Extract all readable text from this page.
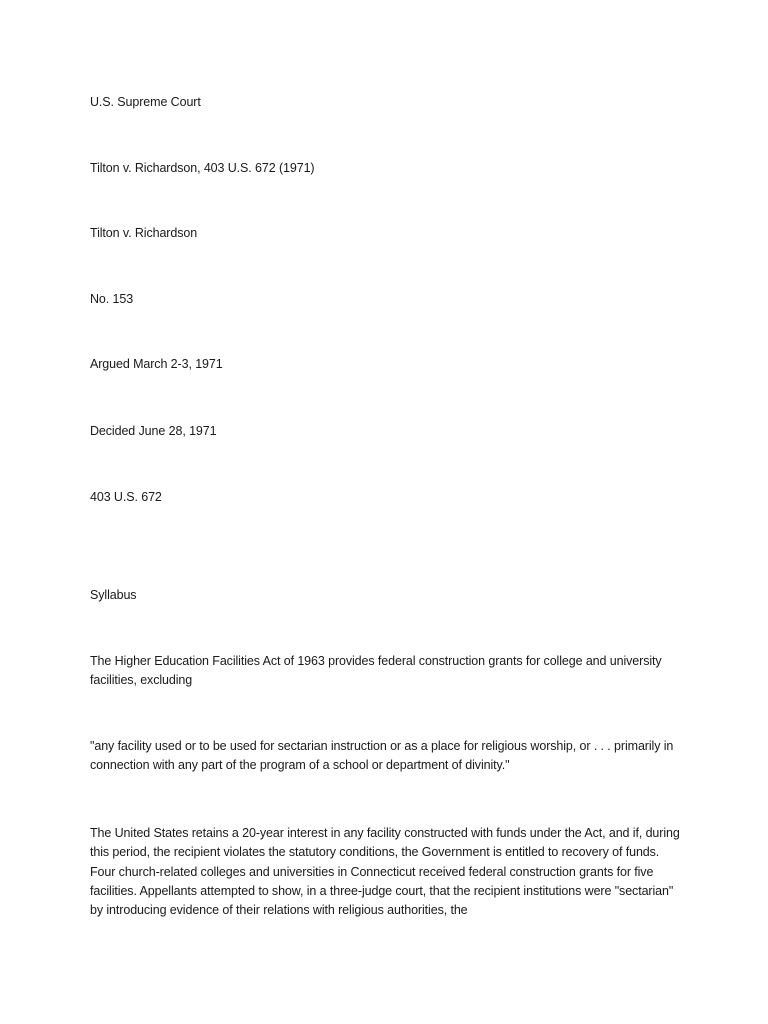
U.S. Supreme Court
Tilton v. Richardson, 403 U.S. 672 (1971)
Tilton v. Richardson
No. 153
Argued March 2-3, 1971
Decided June 28, 1971
403 U.S. 672
Syllabus
The Higher Education Facilities Act of 1963 provides federal construction grants for college and university facilities, excluding
"any facility used or to be used for sectarian instruction or as a place for religious worship, or . . . primarily in connection with any part of the program of a school or department of divinity."
The United States retains a 20-year interest in any facility constructed with funds under the Act, and if, during this period, the recipient violates the statutory conditions, the Government is entitled to recovery of funds. Four church-related colleges and universities in Connecticut received federal construction grants for five facilities. Appellants attempted to show, in a three-judge court, that the recipient institutions were "sectarian" by introducing evidence of their relations with religious authorities, the
